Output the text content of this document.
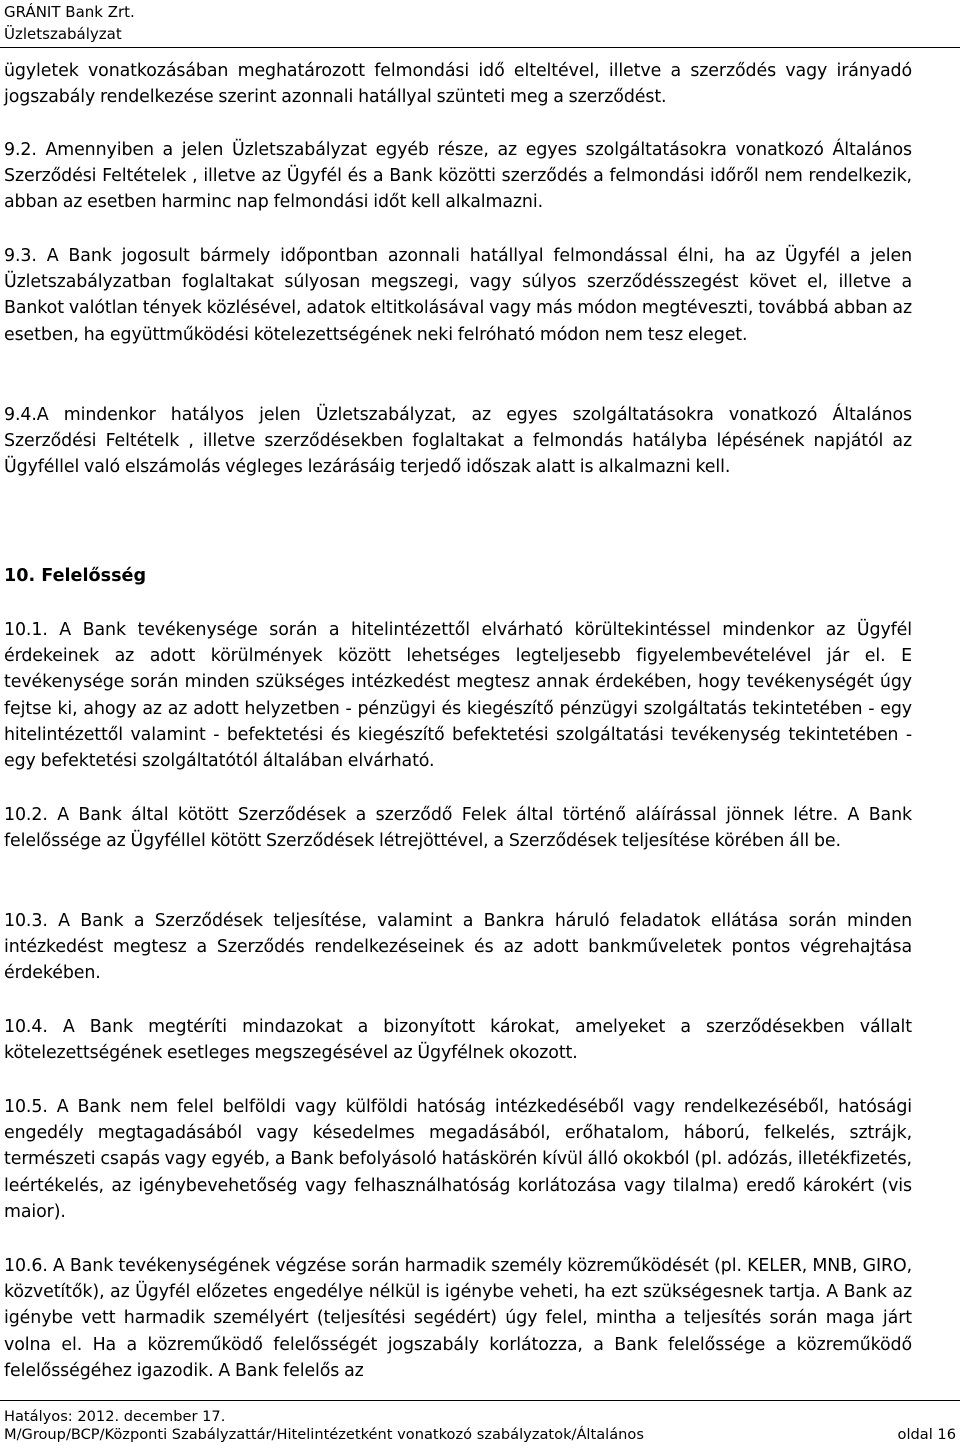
GRÁNIT Bank Zrt.
Üzletszabályzat
ügyletek vonatkozásában meghatározott felmondási idő elteltével, illetve a szerződés vagy irányadó jogszabály rendelkezése szerint azonnali hatállyal szünteti meg a szerződést.
9.2. Amennyiben a jelen Üzletszabályzat egyéb része, az egyes szolgáltatásokra vonatkozó Általános Szerződési Feltételek , illetve az Ügyfél és a Bank közötti szerződés a felmondási időről nem rendelkezik, abban az esetben harminc nap felmondási időt kell alkalmazni.
9.3. A Bank jogosult bármely időpontban azonnali hatállyal felmondással élni, ha az Ügyfél a jelen Üzletszabályzatban foglaltakat súlyosan megszegi, vagy súlyos szerződésszegést követ el, illetve a Bankot valótlan tények közlésével, adatok eltitkolásával vagy más módon megtéveszti, továbbá abban az esetben, ha együttműködési kötelezettségének neki felróható módon nem tesz eleget.
9.4.A mindenkor hatályos jelen Üzletszabályzat, az egyes szolgáltatásokra vonatkozó Általános Szerződési Feltételk , illetve szerződésekben foglaltakat a felmondás hatályba lépésének napjától az Ügyféllel való elszámolás végleges lezárásáig terjedő időszak alatt is alkalmazni kell.
10. Felelősség
10.1. A Bank tevékenysége során a hitelintézettől elvárható körültekintéssel mindenkor az Ügyfél érdekeinek az adott körülmények között lehetséges legteljesebb figyelembevételével jár el. E tevékenysége során minden szükséges intézkedést megtesz annak érdekében, hogy tevékenységét úgy fejtse ki, ahogy az az adott helyzetben - pénzügyi és kiegészítő pénzügyi szolgáltatás tekintetében - egy hitelintézettől valamint - befektetési és kiegészítő befektetési szolgáltatási tevékenység tekintetében - egy befektetési szolgáltatótól általában elvárható.
10.2. A Bank által kötött Szerződések a szerződő Felek által történő aláírással jönnek létre. A Bank felelőssége az Ügyféllel kötött Szerződések létrejöttével, a Szerződések teljesítése körében áll be.
10.3. A Bank a Szerződések teljesítése, valamint a Bankra háruló feladatok ellátása során minden intézkedést megtesz a Szerződés rendelkezéseinek és az adott bankműveletek pontos végrehajtása érdekében.
10.4. A Bank megtéríti mindazokat a bizonyított károkat, amelyeket a szerződésekben vállalt kötelezettségének esetleges megszegésével az Ügyfélnek okozott.
10.5. A Bank nem felel belföldi vagy külföldi hatóság intézkedéséből vagy rendelkezéséből, hatósági engedély megtagadásából vagy késedelmes megadásából, erőhatalom, háború, felkelés, sztrájk, természeti csapás vagy egyéb, a Bank befolyásoló hatáskörén kívül álló okokból (pl. adózás, illetékfizetés, leértékelés, az igénybevehetőség vagy felhasználhatóság korlátozása vagy tilalma) eredő károkért (vis maior).
10.6. A Bank tevékenységének végzése során harmadik személy közreműködését (pl. KELER, MNB, GIRO, közvetítők), az Ügyfél előzetes engedélye nélkül is igénybe veheti, ha ezt szükségesnek tartja. A Bank az igénybe vett harmadik személyért (teljesítési segédért) úgy felel, mintha a teljesítés során maga járt volna el. Ha a közreműködő felelősségét jogszabály korlátozza, a Bank felelőssége a közreműködő felelősségéhez igazodik. A Bank felelős az
Hatályos: 2012. december 17.
M/Group/BCP/Központi Szabályzattár/Hitelintézetként vonatkozó szabályzatok/Általános	oldal 16
